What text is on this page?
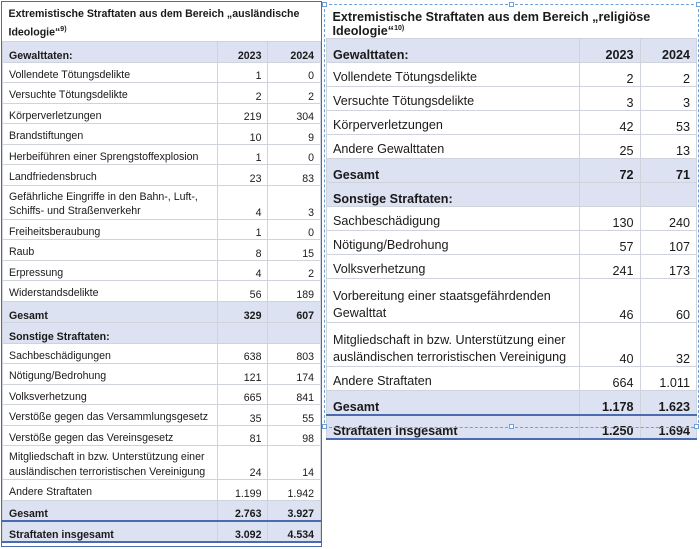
Extremistische Straftaten aus dem Bereich „ausländische Ideologie“$^{9)}$
Gewalttaten:	2023	2024
Vollendete Tötungsdelikte	1	0
Versuchte Tötungsdelikte	2	2
Körperverletzungen	219	304
Brandstiftungen	10	9
Herbeiführen einer Sprengstoffexplosion	1	0
Landfriedensbruch	23	83
Gefährliche Eingriffe in den Bahn-, Luft-, Schiffs- und Straßenverkehr	4	3
Freiheitsberaubung	1	0
Raub	8	15
Erpressung	4	2
Widerstandsdelikte	56	189
Gesamt	329	607
Sonstige Straftaten:		
Sachbeschädigungen	638	803
Nötigung/Bedrohung	121	174
Volksverhetzung	665	841
Verstöße gegen das Versammlungsgesetz	35	55
Verstöße gegen das Vereinsgesetz	81	98
Mitgliedschaft in bzw. Unterstützung einer ausländischen terroristischen Vereinigung	24	14
Andere Straftaten	1.199	1.942
Gesamt	2.763	3.927
Straftaten insgesamt	3.092	4.534
Extremistische Straftaten aus dem Bereich „religiöse Ideologie“$^{10)}$
Gewalttaten:	2023	2024
Vollendete Tötungsdelikte	2	2
Versuchte Tötungsdelikte	3	3
Körperverletzungen	42	53
Andere Gewalttaten	25	13
Gesamt	72	71
Sonstige Straftaten:		
Sachbeschädigung	130	240
Nötigung/Bedrohung	57	107
Volksverhetzung	241	173
Vorbereitung einer staatsgefährdenden Gewalttat	46	60
Mitgliedschaft in bzw. Unterstützung einer ausländischen terroristischen Vereinigung	40	32
Andere Straftaten	664	1.011
Gesamt	1.178	1.623
Straftaten insgesamt	1.250	1.694
